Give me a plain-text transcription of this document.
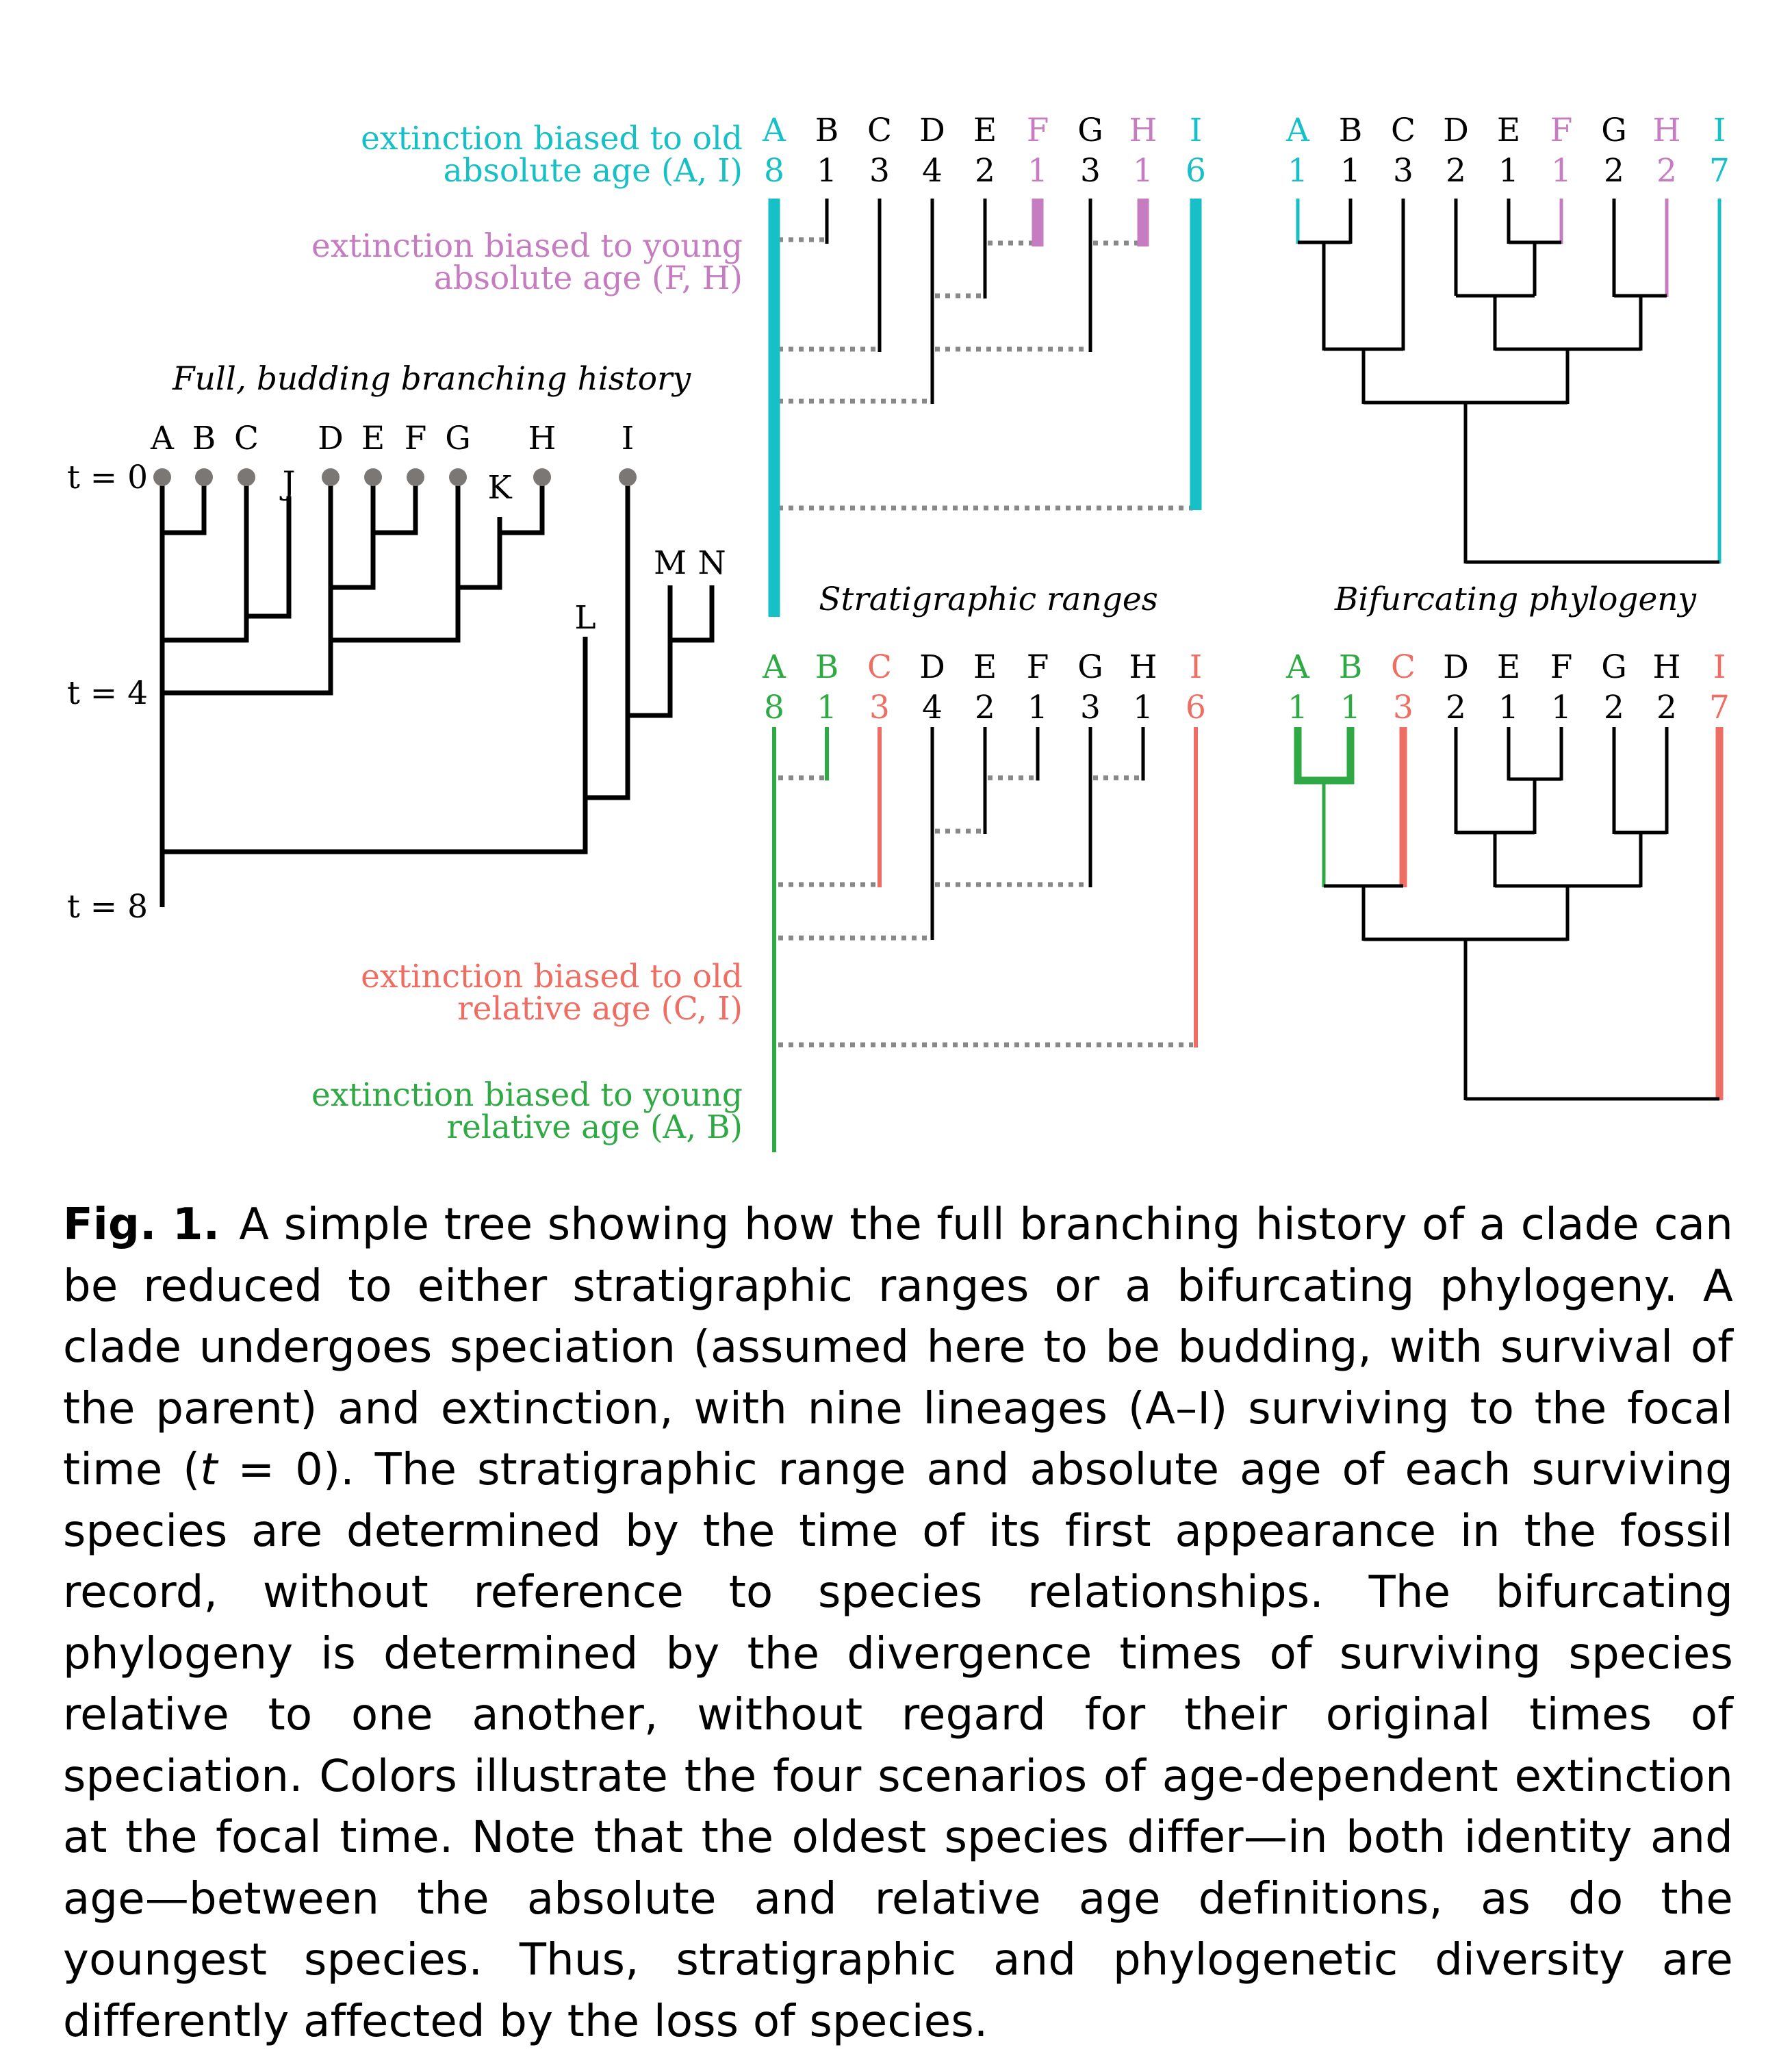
Full, budding branching history
A B C D E F G H I
J	K
L
M N
t = 0
t = 4
t = 8
extinction biased to old
absolute age (A, I)
extinction biased to young
absolute age (F, H)
extinction biased to old
relative age (C, I)
extinction biased to young
relative age (A, B)
A B C D E F G H I
8 1 3 4 2 1 3 1 6
Stratigraphic ranges
A B C D E F G H I
8 1 3 4 2 1 3 1 6
A B C D E F G H I
1 1 3 2 1 1 2 2 7
Bifurcating phylogeny
A B C D E F G H I
1 1 3 2 1 1 2 2 7
Fig. 1. A simple tree showing how the full branching history of a clade can be reduced to either stratigraphic ranges or a bifurcating phylogeny. A clade undergoes speciation (assumed here to be budding, with survival of the parent) and extinction, with nine lineages (A–I) surviving to the focal time (t = 0). The stratigraphic range and absolute age of each surviving species are determined by the time of its first appearance in the fossil record, without reference to species relationships. The bifurcating phylogeny is determined by the divergence times of surviving species relative to one another, without regard for their original times of speciation. Colors illustrate the four scenarios of age-dependent extinction at the focal time. Note that the oldest species differ—in both identity and age—between the absolute and relative age definitions, as do the youngest species. Thus, stratigraphic and phylogenetic diversity are differently affected by the loss of species.
